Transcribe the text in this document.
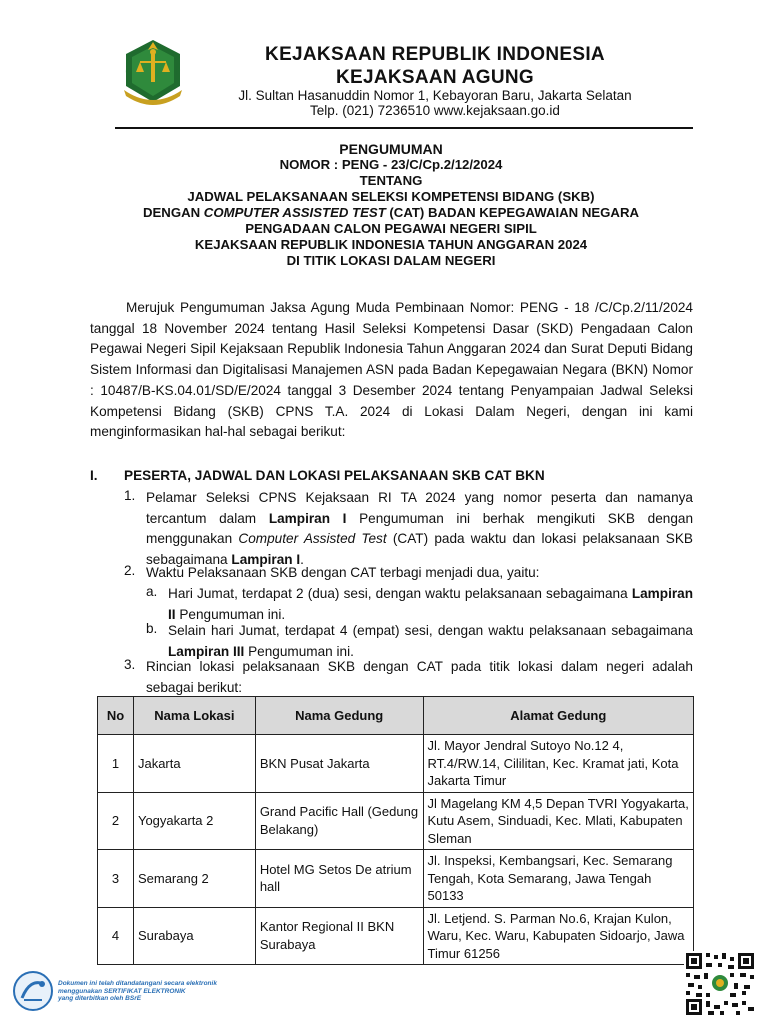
KEJAKSAAN REPUBLIK INDONESIA
KEJAKSAAN AGUNG
Jl. Sultan Hasanuddin Nomor 1, Kebayoran Baru, Jakarta Selatan
Telp. (021) 7236510 www.kejaksaan.go.id
PENGUMUMAN
NOMOR : PENG - 23/C/Cp.2/12/2024
TENTANG
JADWAL PELAKSANAAN SELEKSI KOMPETENSI BIDANG (SKB)
DENGAN COMPUTER ASSISTED TEST (CAT) BADAN KEPEGAWAIAN NEGARA
PENGADAAN CALON PEGAWAI NEGERI SIPIL
KEJAKSAAN REPUBLIK INDONESIA TAHUN ANGGARAN 2024
DI TITIK LOKASI DALAM NEGERI
Merujuk Pengumuman Jaksa Agung Muda Pembinaan Nomor: PENG - 18 /C/Cp.2/11/2024 tanggal 18 November 2024 tentang Hasil Seleksi Kompetensi Dasar (SKD) Pengadaan Calon Pegawai Negeri Sipil Kejaksaan Republik Indonesia Tahun Anggaran 2024 dan Surat Deputi Bidang Sistem Informasi dan Digitalisasi Manajemen ASN pada Badan Kepegawaian Negara (BKN) Nomor : 10487/B-KS.04.01/SD/E/2024 tanggal 3 Desember 2024 tentang Penyampaian Jadwal Seleksi Kompetensi Bidang (SKB) CPNS T.A. 2024 di Lokasi Dalam Negeri, dengan ini kami menginformasikan hal-hal sebagai berikut:
I. PESERTA, JADWAL DAN LOKASI PELAKSANAAN SKB CAT BKN
1. Pelamar Seleksi CPNS Kejaksaan RI TA 2024 yang nomor peserta dan namanya tercantum dalam Lampiran I Pengumuman ini berhak mengikuti SKB dengan menggunakan Computer Assisted Test (CAT) pada waktu dan lokasi pelaksanaan SKB sebagaimana Lampiran I.
2. Waktu Pelaksanaan SKB dengan CAT terbagi menjadi dua, yaitu:
a. Hari Jumat, terdapat 2 (dua) sesi, dengan waktu pelaksanaan sebagaimana Lampiran II Pengumuman ini.
b. Selain hari Jumat, terdapat 4 (empat) sesi, dengan waktu pelaksanaan sebagaimana Lampiran III Pengumuman ini.
3. Rincian lokasi pelaksanaan SKB dengan CAT pada titik lokasi dalam negeri adalah sebagai berikut:
No	Nama Lokasi	Nama Gedung	Alamat Gedung
1	Jakarta	BKN Pusat Jakarta	Jl. Mayor Jendral Sutoyo No.12 4, RT.4/RW.14, Cililitan, Kec. Kramat jati, Kota Jakarta Timur
2	Yogyakarta 2	Grand Pacific Hall (Gedung Belakang)	Jl Magelang KM 4,5 Depan TVRI Yogyakarta, Kutu Asem, Sinduadi, Kec. Mlati, Kabupaten Sleman
3	Semarang 2	Hotel MG Setos De atrium hall	Jl. Inspeksi, Kembangsari, Kec. Semarang Tengah, Kota Semarang, Jawa Tengah 50133
4	Surabaya	Kantor Regional II BKN Surabaya	Jl. Letjend. S. Parman No.6, Krajan Kulon, Waru, Kec. Waru, Kabupaten Sidoarjo, Jawa Timur 61256
Dokumen ini telah ditandatangani secara elektronik
menggunakan SERTIFIKAT ELEKTRONIK
yang diterbitkan oleh BSrE
